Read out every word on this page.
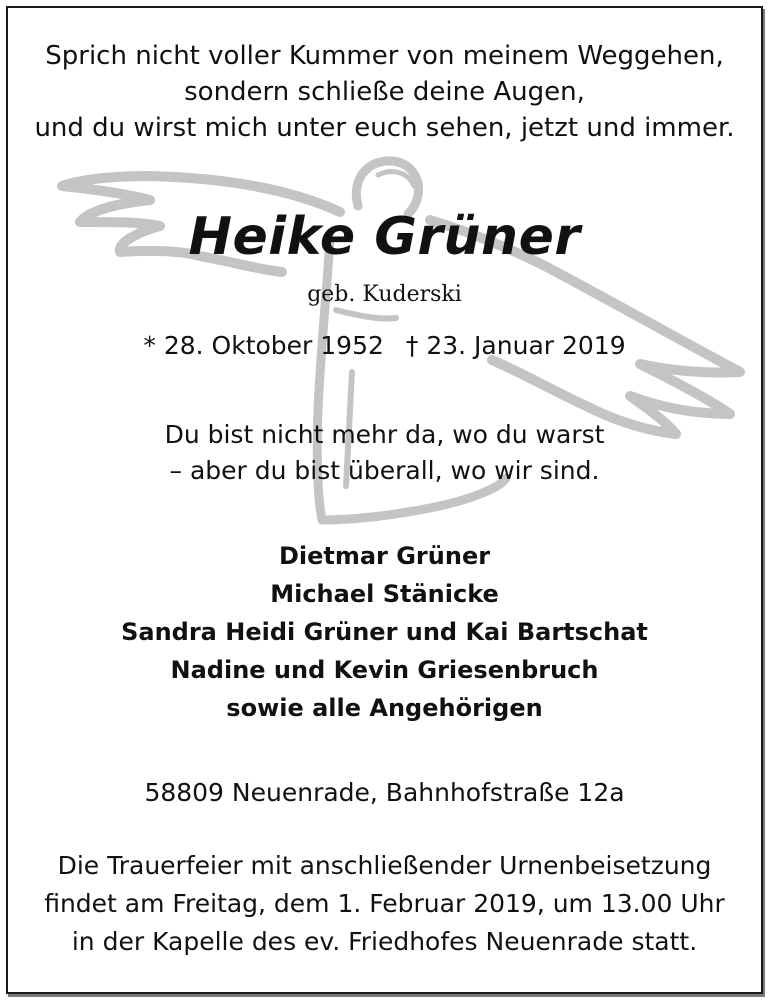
Sprich nicht voller Kummer von meinem Weggehen,
sondern schließe deine Augen,
und du wirst mich unter euch sehen, jetzt und immer.
Heike Grüner
geb. Kuderski
* 28. Oktober 1952 † 23. Januar 2019
Du bist nicht mehr da, wo du warst
– aber du bist überall, wo wir sind.
Dietmar Grüner
Michael Stänicke
Sandra Heidi Grüner und Kai Bartschat
Nadine und Kevin Griesenbruch
sowie alle Angehörigen
58809 Neuenrade, Bahnhofstraße 12a
Die Trauerfeier mit anschließender Urnenbeisetzung
findet am Freitag, dem 1. Februar 2019, um 13.00 Uhr
in der Kapelle des ev. Friedhofes Neuenrade statt.
